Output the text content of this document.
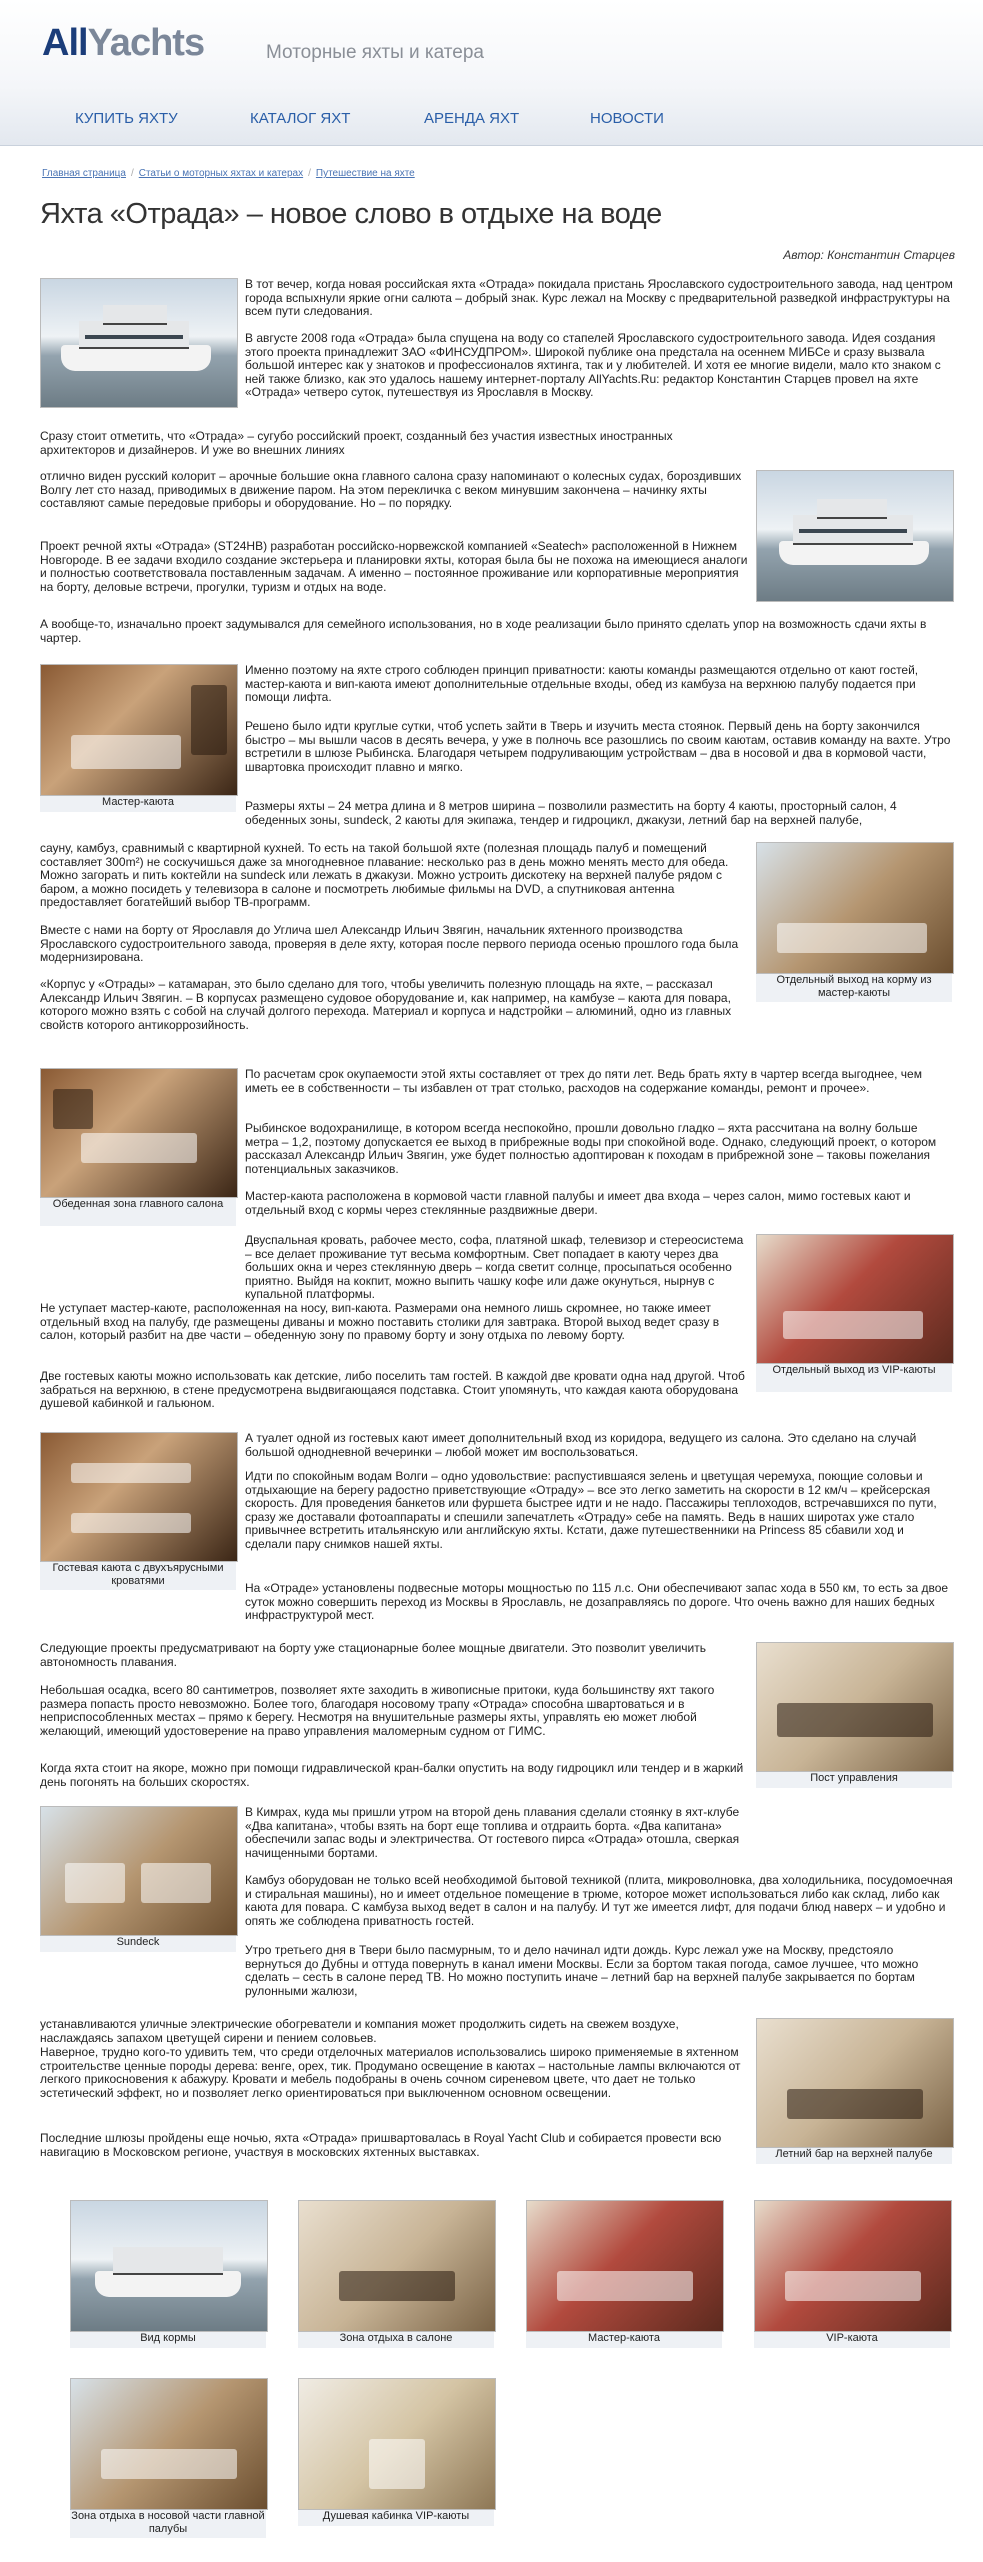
AllYachts	Моторные яхты и катера
КУПИТЬ ЯХТУ	КАТАЛОГ ЯХТ	АРЕНДА ЯХТ	НОВОСТИ
Главная страница / Статьи о моторных яхтах и катерах / Путешествие на яхте
Яхта «Отрада» – новое слово в отдыхе на воде
Автор: Константин Старцев

В тот вечер, когда новая российская яхта «Отрада» покидала пристань Ярославского судостроительного завода, над центром города вспыхнули яркие огни салюта – добрый знак. Курс лежал на Москву с предварительной разведкой инфраструктуры на всем пути следования.

В августе 2008 года «Отрада» была спущена на воду со стапелей Ярославского судостроительного завода. Идея создания этого проекта принадлежит ЗАО «ФИНСУДПРОМ». Широкой публике она предстала на осеннем МИБСе и сразу вызвала большой интерес как у знатоков и профессионалов яхтинга, так и у любителей. И хотя ее многие видели, мало кто знаком с ней также близко, как это удалось нашему интернет-порталу AllYachts.Ru: редактор Константин Старцев провел на яхте «Отрада» четверо суток, путешествуя из Ярославля в Москву.

Сразу стоит отметить, что «Отрада» – сугубо российский проект, созданный без участия известных иностранных архитекторов и дизайнеров. И уже во внешних линиях

отлично виден русский колорит – арочные большие окна главного салона сразу напоминают о колесных судах, бороздивших Волгу лет сто назад, приводимых в движение паром. На этом перекличка с веком минувшим закончена – начинку яхты составляют самые передовые приборы и оборудование. Но – по порядку.

Проект речной яхты «Отрада» (ST24HB) разработан российско-норвежской компанией «Seatech» расположенной в Нижнем Новгороде. В ее задачи входило создание экстерьера и планировки яхты, которая была бы не похожа на имеющиеся аналоги и полностью соответствовала поставленным задачам. А именно – постоянное проживание или корпоративные мероприятия на борту, деловые встречи, прогулки, туризм и отдых на воде.

А вообще-то, изначально проект задумывался для семейного использования, но в ходе реализации было принято сделать упор на возможность сдачи яхты в чартер.

Мастер-каюта

Именно поэтому на яхте строго соблюден принцип приватности: каюты команды размещаются отдельно от кают гостей, мастер-каюта и вип-каюта имеют дополнительные отдельные входы, обед из камбуза на верхнюю палубу подается при помощи лифта.

Решено было идти круглые сутки, чтоб успеть зайти в Тверь и изучить места стоянок. Первый день на борту закончился быстро – мы вышли часов в десять вечера, у уже в полночь все разошлись по своим каютам, оставив команду на вахте. Утро встретили в шлюзе Рыбинска. Благодаря четырем подруливающим устройствам – два в носовой и два в кормовой части, швартовка происходит плавно и мягко.

Размеры яхты – 24 метра длина и 8 метров ширина – позволили разместить на борту 4 каюты, просторный салон, 4 обеденных зоны, sundeck, 2 каюты для экипажа, тендер и гидроцикл, джакузи, летний бар на верхней палубе,

Отдельный выход на корму из мастер-каюты

сауну, камбуз, сравнимый с квартирной кухней. То есть на такой большой яхте (полезная площадь палуб и помещений составляет 300m²) не соскучишься даже за многодневное плавание: несколько раз в день можно менять место для обеда. Можно загорать и пить коктейли на sundeck или лежать в джакузи. Можно устроить дискотеку на верхней палубе рядом с баром, а можно посидеть у телевизора в салоне и посмотреть любимые фильмы на DVD, а спутниковая антенна предоставляет богатейший выбор ТВ-программ.

Вместе с нами на борту от Ярославля до Углича шел Александр Ильич Звягин, начальник яхтенного производства Ярославского судостроительного завода, проверяя в деле яхту, которая после первого периода осенью прошлого года была модернизирована.

«Корпус у «Отрады» – катамаран, это было сделано для того, чтобы увеличить полезную площадь на яхте, – рассказал Александр Ильич Звягин. – В корпусах размещено судовое оборудование и, как например, на камбузе – каюта для повара, которого можно взять с собой на случай долгого перехода. Материал и корпуса и надстройки – алюминий, одно из главных свойств которого антикоррозийность.

Обеденная зона главного салона

По расчетам срок окупаемости этой яхты составляет от трех до пяти лет. Ведь брать яхту в чартер всегда выгоднее, чем иметь ее в собственности – ты избавлен от трат столько, расходов на содержание команды, ремонт и прочее».

Рыбинское водохранилище, в котором всегда неспокойно, прошли довольно гладко – яхта рассчитана на волну больше метра – 1,2, поэтому допускается ее выход в прибрежные воды при спокойной воде. Однако, следующий проект, о котором рассказал Александр Ильич Звягин, уже будет полностью адоптирован к походам в прибрежной зоне – таковы пожелания потенциальных заказчиков.

Мастер-каюта расположена в кормовой части главной палубы и имеет два входа – через салон, мимо гостевых кают и отдельный вход с кормы через стеклянные раздвижные двери.

Отдельный выход из VIP-каюты

Двуспальная кровать, рабочее место, софа, платяной шкаф, телевизор и стереосистема – все делает проживание тут весьма комфортным. Свет попадает в каюту через два больших окна и через стеклянную дверь – когда светит солнце, просыпаться особенно приятно. Выйдя на кокпит, можно выпить чашку кофе или даже окунуться, нырнув с купальной платформы.

Не уступает мастер-каюте, расположенная на носу, вип-каюта. Размерами она немного лишь скромнее, но также имеет отдельный вход на палубу, где размещены диваны и можно поставить столики для завтрака. Второй выход ведет сразу в салон, который разбит на две части – обеденную зону по правому борту и зону отдыха по левому борту.

Две гостевых каюты можно использовать как детские, либо поселить там гостей. В каждой две кровати одна над другой. Чтоб забраться на верхнюю, в стене предусмотрена выдвигающаяся подставка. Стоит упомянуть, что каждая каюта оборудована душевой кабинкой и гальюном.

Гостевая каюта с двухъярусными кроватями

А туалет одной из гостевых кают имеет дополнительный вход из коридора, ведущего из салона. Это сделано на случай большой однодневной вечеринки – любой может им воспользоваться.

Идти по спокойным водам Волги – одно удовольствие: распустившаяся зелень и цветущая черемуха, поющие соловьи и отдыхающие на берегу радостно приветствующие «Отраду» – все это легко заметить на скорости в 12 км/ч – крейсерская скорость. Для проведения банкетов или фуршета быстрее идти и не надо. Пассажиры теплоходов, встречавшихся по пути, сразу же доставали фотоаппараты и спешили запечатлеть «Отраду» себе на память. Ведь в наших широтах уже стало привычнее встретить итальянскую или английскую яхты. Кстати, даже путешественники на Princess 85 сбавили ход и сделали пару снимков нашей яхты.

На «Отраде» установлены подвесные моторы мощностью по 115 л.с. Они обеспечивают запас хода в 550 км, то есть за двое суток можно совершить переход из Москвы в Ярославль, не дозаправляясь по дороге. Что очень важно для наших бедных инфраструктурой мест.

Пост управления

Следующие проекты предусматривают на борту уже стационарные более мощные двигатели. Это позволит увеличить автономность плавания.

Небольшая осадка, всего 80 сантиметров, позволяет яхте заходить в живописные притоки, куда большинству яхт такого размера попасть просто невозможно. Более того, благодаря носовому трапу «Отрада» способна швартоваться и в неприспособленных местах – прямо к берегу. Несмотря на внушительные размеры яхты, управлять ею может любой желающий, имеющий удостоверение на право управления маломерным судном от ГИМС.

Когда яхта стоит на якоре, можно при помощи гидравлической кран-балки опустить на воду гидроцикл или тендер и в жаркий день погонять на больших скоростях.

Sundeck

В Кимрах, куда мы пришли утром на второй день плавания сделали стоянку в яхт-клубе «Два капитана», чтобы взять на борт еще топлива и отдраить борта. «Два капитана» обеспечили запас воды и электричества. От гостевого пирса «Отрада» отошла, сверкая начищенными бортами.

Камбуз оборудован не только всей необходимой бытовой техникой (плита, микроволновка, два холодильника, посудомоечная и стиральная машины), но и имеет отдельное помещение в трюме, которое может использоваться либо как склад, либо как каюта для повара. С камбуза выход ведет в салон и на палубу. И тут же имеется лифт, для подачи блюд наверх – и удобно и опять же соблюдена приватность гостей.

Утро третьего дня в Твери было пасмурным, то и дело начинал идти дождь. Курс лежал уже на Москву, предстояло вернуться до Дубны и оттуда повернуть в канал имени Москвы. Если за бортом такая погода, самое лучшее, что можно сделать – сесть в салоне перед ТВ. Но можно поступить иначе – летний бар на верхней палубе закрывается по бортам рулонными жалюзи,

Летний бар на верхней палубе

устанавливаются уличные электрические обогреватели и компания может продолжить сидеть на свежем воздухе, наслаждаясь запахом цветущей сирени и пением соловьев.

Наверное, трудно кого-то удивить тем, что среди отделочных материалов использовались широко применяемые в яхтенном строительстве ценные породы дерева: венге, орех, тик. Продумано освещение в каютах – настольные лампы включаются от легкого прикосновения к абажуру. Кровати и мебель подобраны в очень сочном сиреневом цвете, что дает не только эстетический эффект, но и позволяет легко ориентироваться при выключенном основном освещении.

Последние шлюзы пройдены еще ночью, яхта «Отрада» пришвартовалась в Royal Yacht Club и собирается провести всю навигацию в Московском регионе, участвуя в московских яхтенных выставках.

Вид кормы	Зона отдыха в салоне	Мастер-каюта	VIP-каюта
Зона отдыха в носовой части главной палубы
Душевая кабинка VIP-каюты
